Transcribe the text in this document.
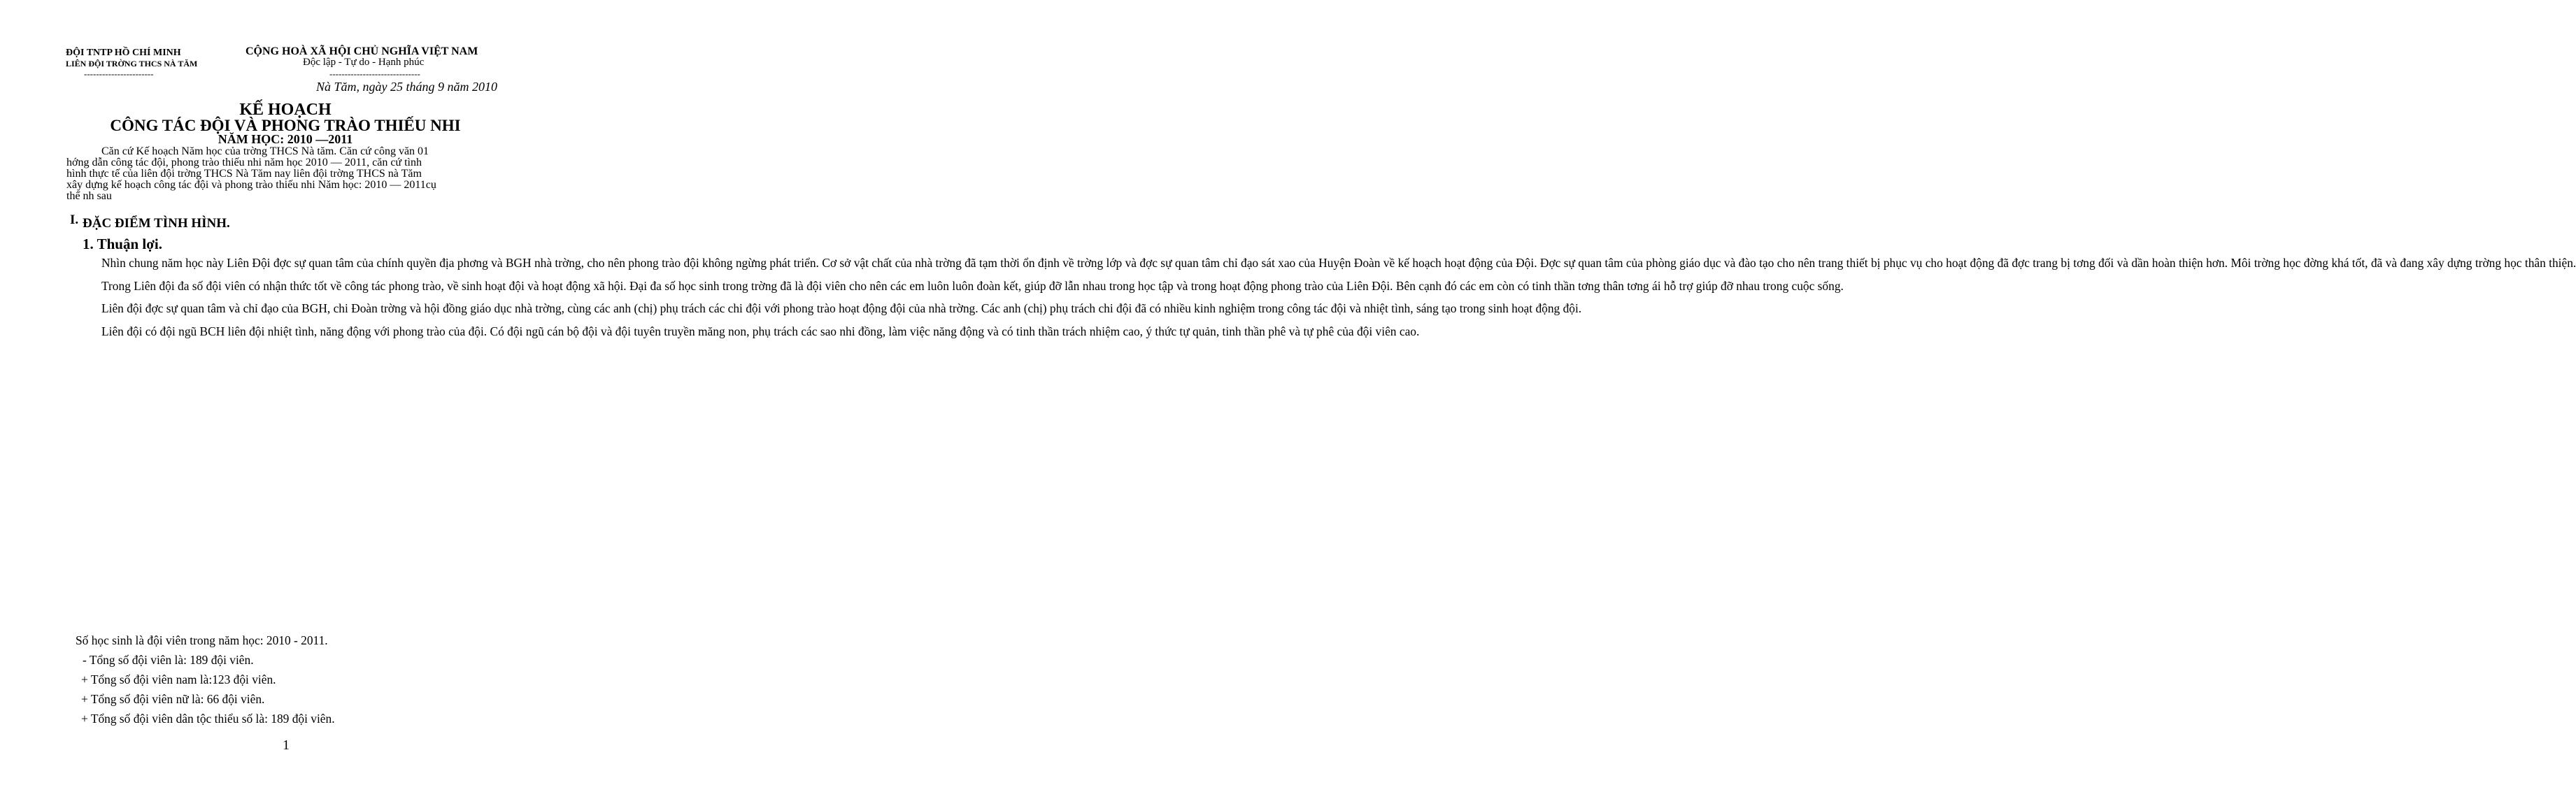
ĐỘI TNTP HỒ CHÍ MINH
LIÊN ĐỘI TRỜNG THCS NÀ TĂM
-----------------------
CỘNG HOÀ XÃ HỘI CHỦ NGHĨA VIỆT NAM
Độc lập - Tự do - Hạnh phúc
------------------------------
Nà Tăm, ngày 25 tháng 9 năm 2010
KẾ HOẠCH
CÔNG TÁC ĐỘI VÀ PHONG TRÀO THIẾU NHI
NĂM HỌC: 2010 —2011
Căn cứ Kế hoạch Năm học của trờng THCS Nà tăm. Căn cứ công văn 01
hớng dẫn công tác đội, phong trào thiếu nhi năm học 2010 — 2011, căn cứ tình
hình thực tế của liên đội trờng THCS Nà Tăm nay liên đội trờng THCS nà Tăm
xây dựng kế hoạch công tác đội và phong trào thiếu nhi Năm học: 2010 — 2011cụ
thể nh sau
I. ĐẶC ĐIỂM TÌNH HÌNH.
1. Thuận lợi.

Nhìn chung năm học này Liên Đội đợc sự quan tâm của chính quyền địa phơng và BGH nhà trờng, cho nên phong trào đội không ngừng phát triển. Cơ sở vật chất của nhà trờng đã tạm thời ổn định về trờng lớp và đợc sự quan tâm chỉ đạo sát xao của Huyện Đoàn về kế hoạch hoạt động của Đội. Đợc sự quan tâm của phòng giáo dục và đào tạo cho nên trang thiết bị phục vụ cho hoạt động đã đợc trang bị tơng đối và dần hoàn thiện hơn. Môi trờng học đờng khá tốt, đã và đang xây dựng trờng học thân thiện.

Trong Liên đội đa số đội viên có nhận thức tốt về công tác phong trào, về sinh hoạt đội và hoạt động xã hội. Đại đa số học sinh trong trờng đã là đội viên cho nên các em luôn luôn đoàn kết, giúp đỡ lẫn nhau trong học tập và trong hoạt động phong trào của Liên Đội. Bên cạnh đó các em còn có tinh thần tơng thân tơng ái hỗ trợ giúp đỡ nhau trong cuộc sống.

Liên đội đợc sự quan tâm và chỉ đạo của BGH, chi Đoàn trờng và hội đồng giáo dục nhà trờng, cùng các anh (chị) phụ trách các chi đội với phong trào hoạt động đội của nhà trờng. Các anh (chị) phụ trách chi đội đã có nhiều kinh nghiệm trong công tác đội và nhiệt tình, sáng tạo trong sinh hoạt động đội.

Liên đội có đội ngũ BCH liên đội nhiệt tình, năng động với phong trào của đội. Có đội ngũ cán bộ đội và đội tuyên truyền măng non, phụ trách các sao nhi đồng, làm việc năng động và có tinh thần trách nhiệm cao, ý thức tự quản, tinh thần phê và tự phê của đội viên cao.

Số học sinh là đội viên trong năm học: 2010 - 2011.
- Tổng số đội viên là: 189 đội viên.
+ Tổng số đội viên nam là:123 đội viên.
+ Tổng số đội viên nữ là: 66 đội viên.
+ Tổng số đội viên dân tộc thiểu số là: 189 đội viên.
1
